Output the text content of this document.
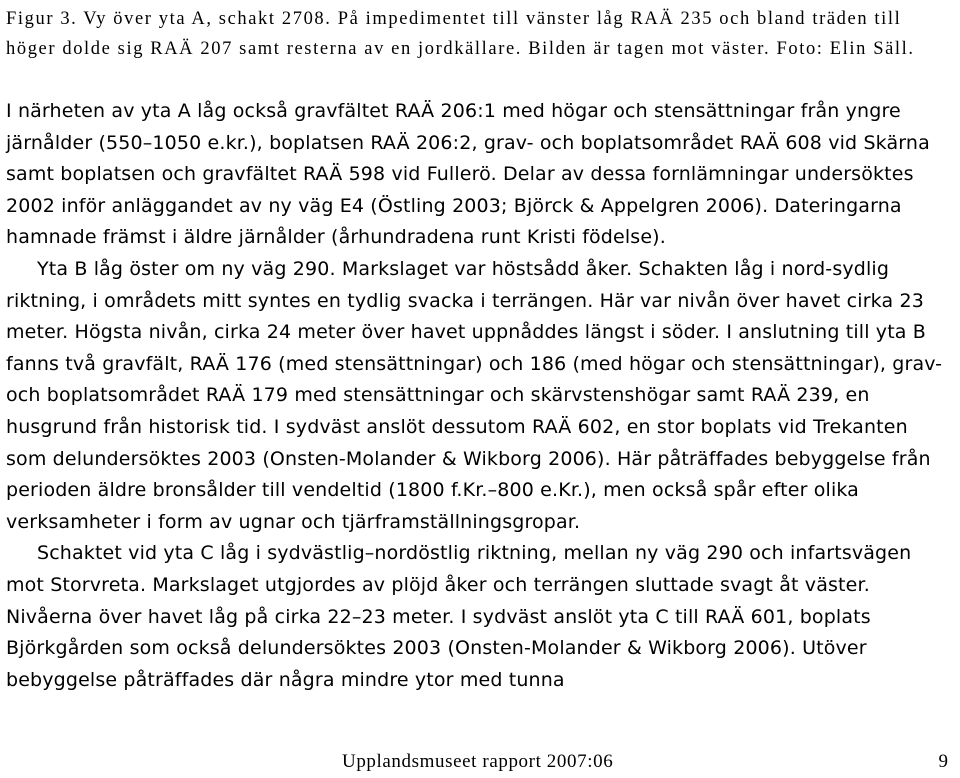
Figur 3. Vy över yta A, schakt 2708. På impedimentet till vänster låg RAÄ 235 och bland träden till höger dolde sig RAÄ 207 samt resterna av en jordkällare. Bilden är tagen mot väster. Foto: Elin Säll.

I närheten av yta A låg också gravfältet RAÄ 206:1 med högar och stensättningar från yngre järnålder (550–1050 e.kr.), boplatsen RAÄ 206:2, grav- och boplatsområdet RAÄ 608 vid Skärna samt boplatsen och gravfältet RAÄ 598 vid Fullerö. Delar av dessa fornlämningar undersöktes 2002 inför anläggandet av ny väg E4 (Östling 2003; Björck & Appelgren 2006). Dateringarna hamnade främst i äldre järnålder (århundradena runt Kristi födelse).

Yta B låg öster om ny väg 290. Markslaget var höstsådd åker. Schakten låg i nord-sydlig riktning, i områdets mitt syntes en tydlig svacka i terrängen. Här var nivån över havet cirka 23 meter. Högsta nivån, cirka 24 meter över havet uppnåddes längst i söder. I anslutning till yta B fanns två gravfält, RAÄ 176 (med stensättningar) och 186 (med högar och stensättningar), grav- och boplatsområdet RAÄ 179 med stensättningar och skärvstenshögar samt RAÄ 239, en husgrund från historisk tid. I sydväst anslöt dessutom RAÄ 602, en stor boplats vid Trekanten som delundersöktes 2003 (Onsten-Molander & Wikborg 2006). Här påträffades bebyggelse från perioden äldre bronsålder till vendeltid (1800 f.Kr.–800 e.Kr.), men också spår efter olika verksamheter i form av ugnar och tjärframställningsgropar.

Schaktet vid yta C låg i sydvästlig–nordöstlig riktning, mellan ny väg 290 och infartsvägen mot Storvreta. Markslaget utgjordes av plöjd åker och terrängen sluttade svagt åt väster. Nivåerna över havet låg på cirka 22–23 meter. I sydväst anslöt yta C till RAÄ 601, boplats Björkgården som också delundersöktes 2003 (Onsten-Molander & Wikborg 2006). Utöver bebyggelse påträffades där några mindre ytor med tunna

Upplandsmuseet rapport 2007:06	9
